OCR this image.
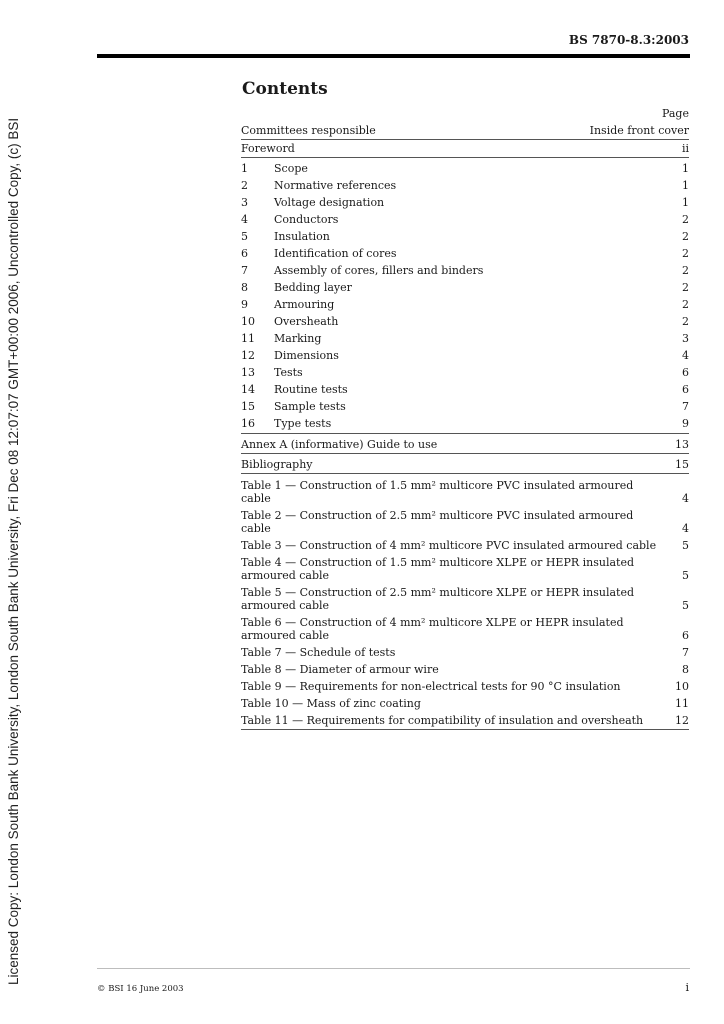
Licensed Copy: London South Bank University, London South Bank University, Fri Dec 08 12:07:07 GMT+00:00 2006, Uncontrolled Copy, (c) BSI
BS 7870-8.3:2003
Contents
Page
Committees responsible	Inside front cover
Foreword	ii
1	Scope	1
2	Normative references	1
3	Voltage designation	1
4	Conductors	2
5	Insulation	2
6	Identification of cores	2
7	Assembly of cores, fillers and binders	2
8	Bedding layer	2
9	Armouring	2
10	Oversheath	2
11	Marking	3
12	Dimensions	4
13	Tests	6
14	Routine tests	6
15	Sample tests	7
16	Type tests	9
Annex A (informative) Guide to use	13
Bibliography	15
Table 1 — Construction of 1.5 mm² multicore PVC insulated armoured
cable	4
Table 2 — Construction of 2.5 mm² multicore PVC insulated armoured
cable	4
Table 3 — Construction of 4 mm² multicore PVC insulated armoured cable	5
Table 4 — Construction of 1.5 mm² multicore XLPE or HEPR insulated
armoured cable	5
Table 5 — Construction of 2.5 mm² multicore XLPE or HEPR insulated
armoured cable	5
Table 6 — Construction of 4 mm² multicore XLPE or HEPR insulated
armoured cable	6
Table 7 — Schedule of tests	7
Table 8 — Diameter of armour wire	8
Table 9 — Requirements for non-electrical tests for 90 °C insulation	10
Table 10 — Mass of zinc coating	11
Table 11 — Requirements for compatibility of insulation and oversheath	12
© BSI 16 June 2003	i
